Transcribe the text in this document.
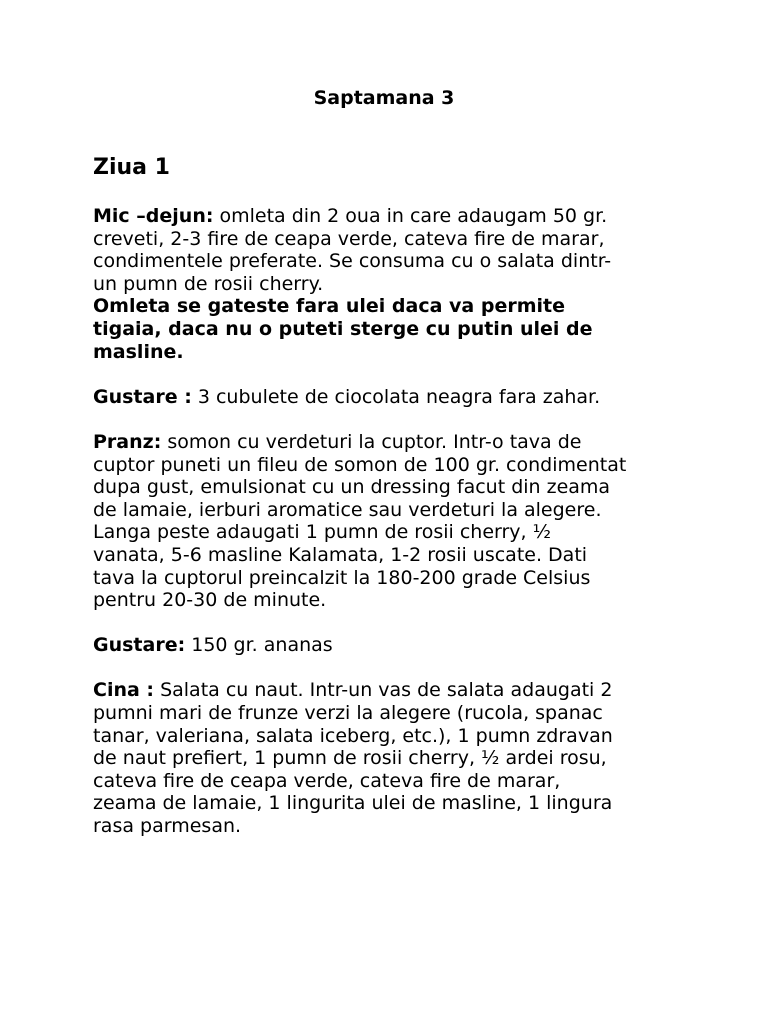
Saptamana 3
Ziua 1
Mic –dejun: omleta din 2 oua in care adaugam 50 gr.
creveti, 2-3 fire de ceapa verde, cateva fire de marar,
condimentele preferate. Se consuma cu o salata dintr-
un pumn de rosii cherry.
Omleta se gateste fara ulei daca va permite
tigaia, daca nu o puteti sterge cu putin ulei de
masline.
Gustare : 3 cubulete de ciocolata neagra fara zahar.
Pranz: somon cu verdeturi la cuptor. Intr-o tava de
cuptor puneti un fileu de somon de 100 gr. condimentat
dupa gust, emulsionat cu un dressing facut din zeama
de lamaie, ierburi aromatice sau verdeturi la alegere.
Langa peste adaugati 1 pumn de rosii cherry, ½
vanata, 5-6 masline Kalamata, 1-2 rosii uscate. Dati
tava la cuptorul preincalzit la 180-200 grade Celsius
pentru 20-30 de minute.
Gustare: 150 gr. ananas
Cina : Salata cu naut. Intr-un vas de salata adaugati 2
pumni mari de frunze verzi la alegere (rucola, spanac
tanar, valeriana, salata iceberg, etc.), 1 pumn zdravan
de naut prefiert, 1 pumn de rosii cherry, ½ ardei rosu,
cateva fire de ceapa verde, cateva fire de marar,
zeama de lamaie, 1 lingurita ulei de masline, 1 lingura
rasa parmesan.
